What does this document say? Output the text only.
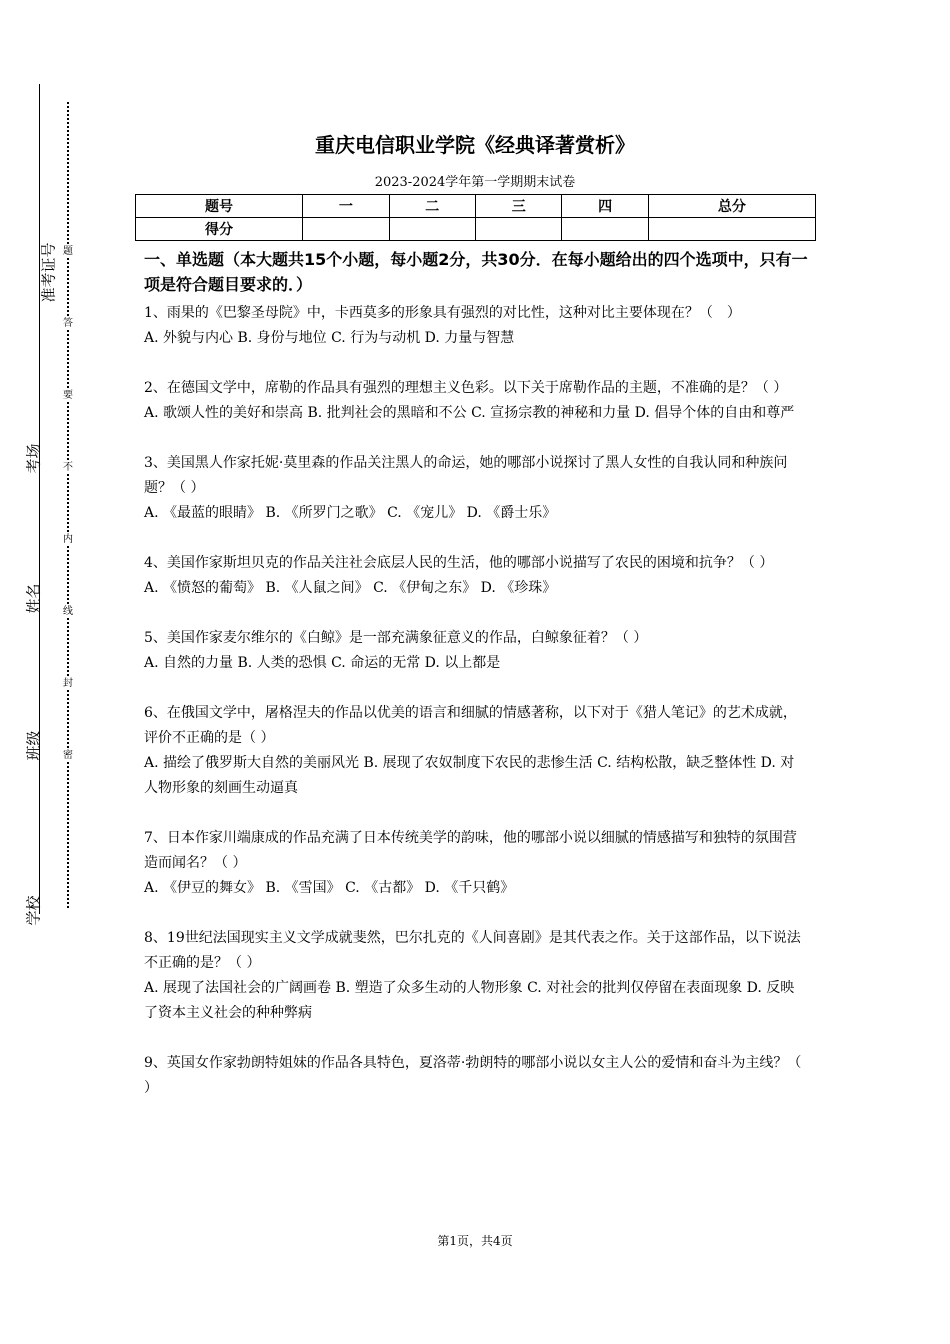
准考证号
考场
姓名
班级
学校
题
答
要
不
内
线
封
密
重庆电信职业学院《经典译著赏析》
2023-2024学年第一学期期末试卷
题号	一	二	三	四	总分
得分					
一、单选题（本大题共15个小题，每小题2分，共30分．在每小题给出的四个选项中，只有一项是符合题目要求的．）
1、雨果的《巴黎圣母院》中，卡西莫多的形象具有强烈的对比性，这种对比主要体现在？（　）
A. 外貌与内心 B. 身份与地位 C. 行为与动机 D. 力量与智慧
2、在德国文学中，席勒的作品具有强烈的理想主义色彩。以下关于席勒作品的主题，不准确的是？（ ）
A. 歌颂人性的美好和崇高 B. 批判社会的黑暗和不公 C. 宣扬宗教的神秘和力量 D. 倡导个体的自由和尊严
3、美国黑人作家托妮·莫里森的作品关注黑人的命运，她的哪部小说探讨了黑人女性的自我认同和种族问题？（ ）
A. 《最蓝的眼睛》 B. 《所罗门之歌》 C. 《宠儿》 D. 《爵士乐》
4、美国作家斯坦贝克的作品关注社会底层人民的生活，他的哪部小说描写了农民的困境和抗争？（ ）
A. 《愤怒的葡萄》 B. 《人鼠之间》 C. 《伊甸之东》 D. 《珍珠》
5、美国作家麦尔维尔的《白鲸》是一部充满象征意义的作品，白鲸象征着？（ ）
A. 自然的力量 B. 人类的恐惧 C. 命运的无常 D. 以上都是
6、在俄国文学中，屠格涅夫的作品以优美的语言和细腻的情感著称，以下对于《猎人笔记》的艺术成就，评价不正确的是（ ）
A. 描绘了俄罗斯大自然的美丽风光 B. 展现了农奴制度下农民的悲惨生活 C. 结构松散，缺乏整体性 D. 对人物形象的刻画生动逼真
7、日本作家川端康成的作品充满了日本传统美学的韵味，他的哪部小说以细腻的情感描写和独特的氛围营造而闻名？（ ）
A. 《伊豆的舞女》 B. 《雪国》 C. 《古都》 D. 《千只鹤》
8、19世纪法国现实主义文学成就斐然，巴尔扎克的《人间喜剧》是其代表之作。关于这部作品，以下说法不正确的是？（ ）
A. 展现了法国社会的广阔画卷 B. 塑造了众多生动的人物形象 C. 对社会的批判仅停留在表面现象 D. 反映了资本主义社会的种种弊病
9、英国女作家勃朗特姐妹的作品各具特色，夏洛蒂·勃朗特的哪部小说以女主人公的爱情和奋斗为主线？（ ）
第1页，共4页
